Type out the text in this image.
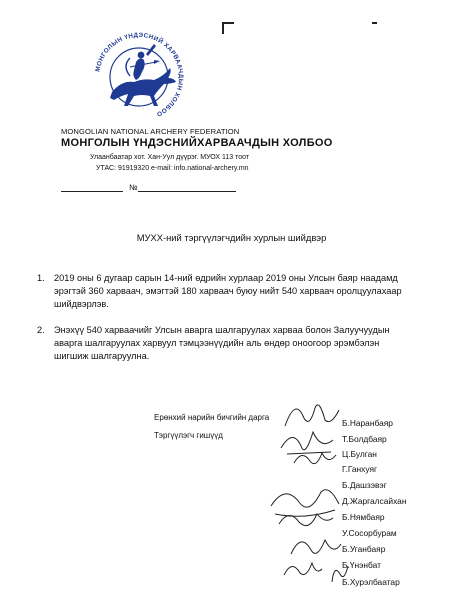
МОНГОЛЫН ҮНДЭСНИЙ ХАРВААЧДЫН ХОЛБОО
MONGOLIAN NATIONAL ARCHERY FEDERATION
МОНГОЛЫН ҮНДЭСНИЙХАРВААЧДЫН ХОЛБОО
Улаанбаатар хот. Хан-Уул дүүрэг. МУОХ 113 тоот
УТАС: 91919320 e-mail: info.national-archery.mn
№
МУХХ-ний тэргүүлэгчдийн хурлын шийдвэр
1. 2019 оны 6 дугаар сарын 14-ний өдрийн хурлаар 2019 оны Улсын баяр наадамд
эрэгтэй 360 харваач, эмэгтэй 180 харваач буюу нийт 540 харваач оролцуулахаар
шийдвэрлэв.
2. Энэхүү 540 харваачийг Улсын аварга шалгаруулах харваа болон Залуучуудын
аварга шалгаруулах харвуул тэмцээнүүдийн аль өндөр оноогоор эрэмбэлэн
шигшиж шалгаруулна.
Ерөнхий нарийн бичгийн дарга
Тэргүүлэгч гишүүд
Б.Наранбаяр
Т.Болдбаяр
Ц.Булган
Г.Ганхуяг
Б.Дашзэвэг
Д.Жаргалсайхан
Б.Нямбаяр
У.Сосорбурам
Б.Уганбаяр
Б.Үнэнбат
Б.Хурэлбаатар
